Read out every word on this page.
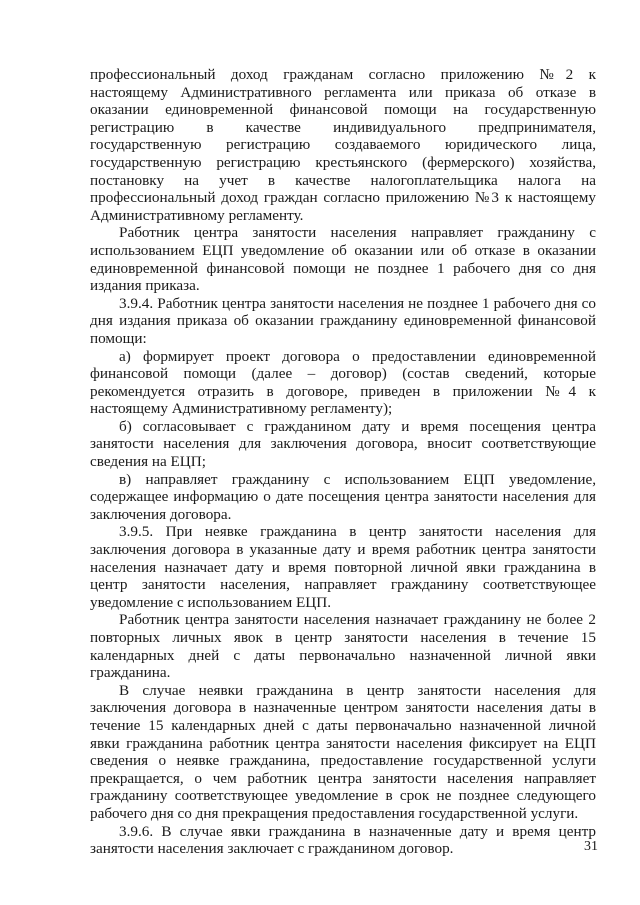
профессиональный доход гражданам согласно приложению №2 к настоящему Административного регламента или приказа об отказе в оказании единовременной финансовой помощи на государственную регистрацию в качестве индивидуального предпринимателя, государственную регистрацию создаваемого юридического лица, государственную регистрацию крестьянского (фермерского) хозяйства, постановку на учет в качестве налогоплательщика налога на профессиональный доход граждан согласно приложению №3 к настоящему Административному регламенту.

Работник центра занятости населения направляет гражданину с использованием ЕЦП уведомление об оказании или об отказе в оказании единовременной финансовой помощи не позднее 1 рабочего дня со дня издания приказа.

3.9.4. Работник центра занятости населения не позднее 1 рабочего дня со дня издания приказа об оказании гражданину единовременной финансовой помощи:

а) формирует проект договора о предоставлении единовременной финансовой помощи (далее – договор) (состав сведений, которые рекомендуется отразить в договоре, приведен в приложении №4 к настоящему Административному регламенту);

б) согласовывает с гражданином дату и время посещения центра занятости населения для заключения договора, вносит соответствующие сведения на ЕЦП;

в) направляет гражданину с использованием ЕЦП уведомление, содержащее информацию о дате посещения центра занятости населения для заключения договора.

3.9.5. При неявке гражданина в центр занятости населения для заключения договора в указанные дату и время работник центра занятости населения назначает дату и время повторной личной явки гражданина в центр занятости населения, направляет гражданину соответствующее уведомление с использованием ЕЦП.

Работник центра занятости населения назначает гражданину не более 2 повторных личных явок в центр занятости населения в течение 15 календарных дней с даты первоначально назначенной личной явки гражданина.

В случае неявки гражданина в центр занятости населения для заключения договора в назначенные центром занятости населения даты в течение 15 календарных дней с даты первоначально назначенной личной явки гражданина работник центра занятости населения фиксирует на ЕЦП сведения о неявке гражданина, предоставление государственной услуги прекращается, о чем работник центра занятости населения направляет гражданину соответствующее уведомление в срок не позднее следующего рабочего дня со дня прекращения предоставления государственной услуги.

3.9.6. В случае явки гражданина в назначенные дату и время центр занятости населения заключает с гражданином договор.	31
